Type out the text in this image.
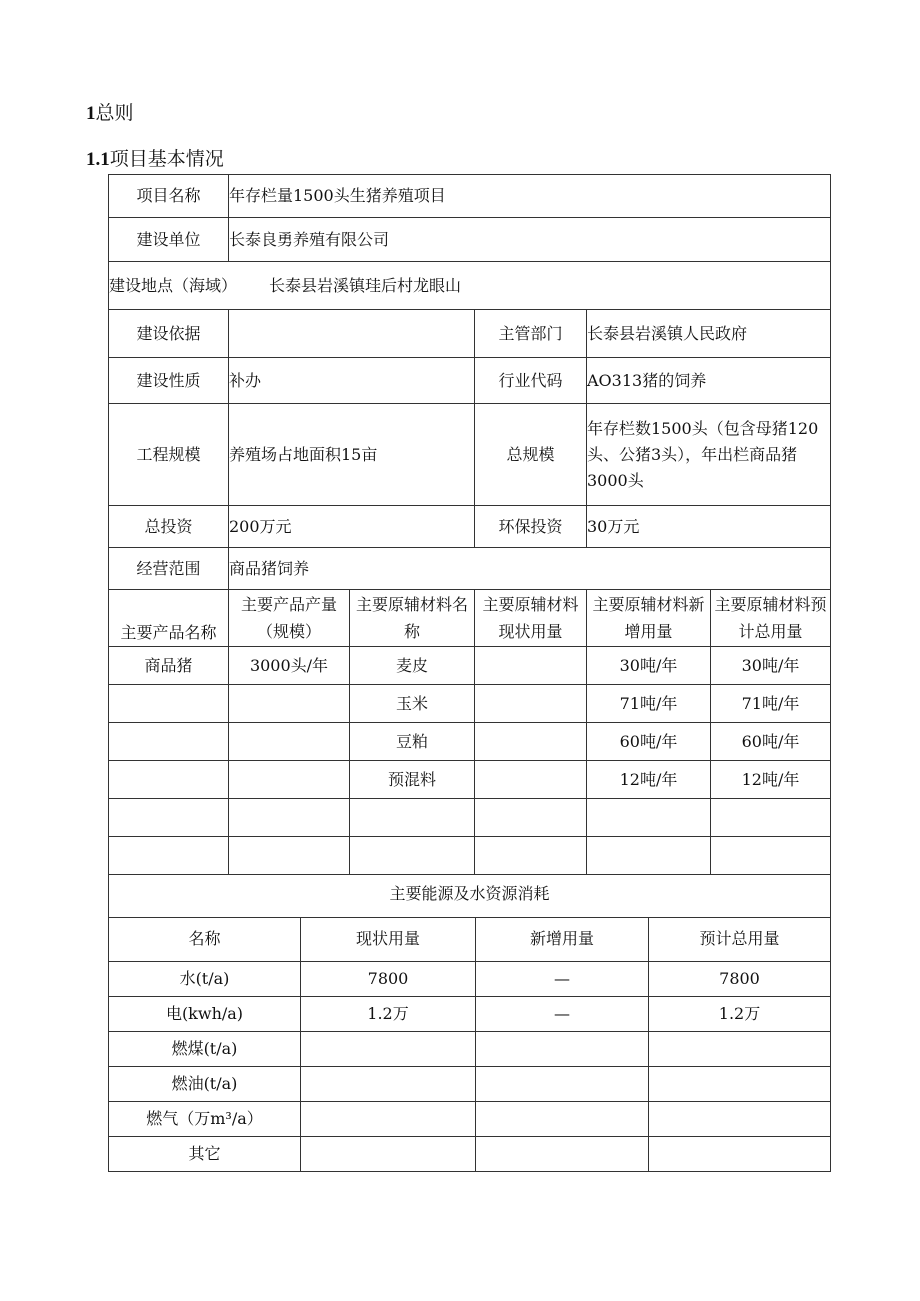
1总则
1.1项目基本情况
项目名称	年存栏量1500头生猪养殖项目				
建设单位	长泰良勇养殖有限公司				
建设地点（海域） 长泰县岩溪镇珪后村龙眼山					
建设依据			主管部门	长泰县岩溪镇人民政府	
建设性质	补办		行业代码	AO313猪的饲养	
工程规模	养殖场占地面积15亩		总规模	年存栏数1500头（包含母猪120头、公猪3头），年出栏商品猪3000头	
总投资	200万元		环保投资	30万元	
经营范围	商品猪饲养				
主要产品名称	主要产品产量（规模）	主要原辅材料名称	主要原辅材料现状用量	主要原辅材料新增用量	主要原辅材料预计总用量
商品猪	3000头/年	麦皮		30吨/年	30吨/年
		玉米		71吨/年	71吨/年
		豆粕		60吨/年	60吨/年
		预混料		12吨/年	12吨/年

主要能源及水资源消耗			
名称	现状用量	新增用量	预计总用量
水(t/a)	7800	—	7800
电(kwh/a)	1.2万	—	1.2万
燃煤(t/a)			
燃油(t/a)			
燃气（万m³/a）			
其它			
